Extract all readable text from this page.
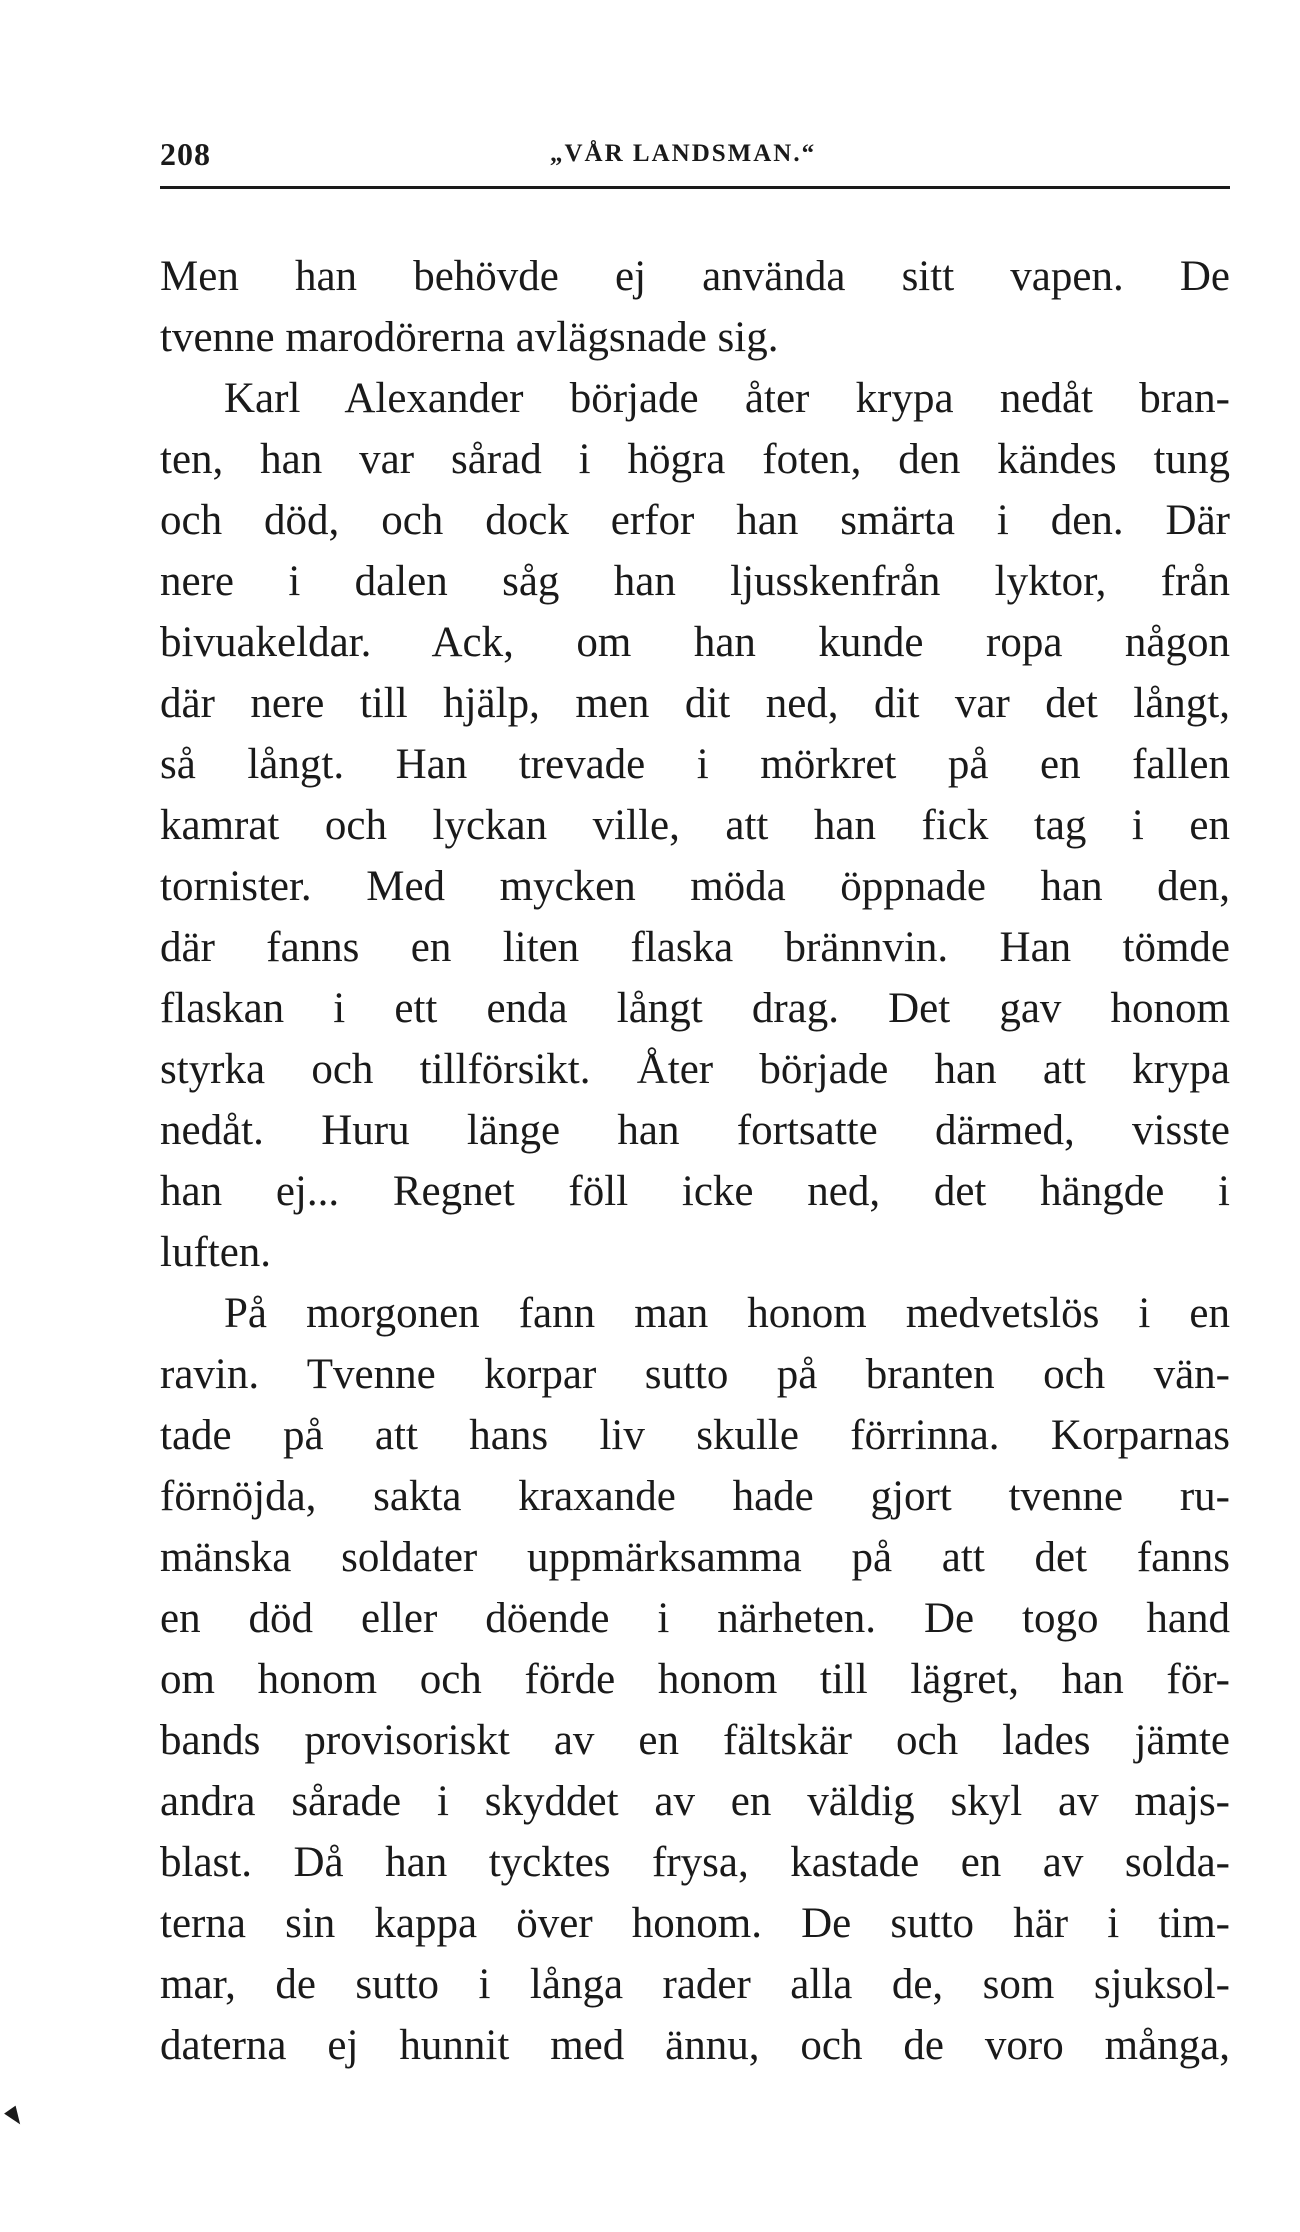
208	„VÅR LANDSMAN.“
Men han behövde ej använda sitt vapen. De
tvenne marodörerna avlägsnade sig.
Karl Alexander började åter krypa nedåt bran-
ten, han var sårad i högra foten, den kändes tung
och död, och dock erfor han smärta i den. Där
nere i dalen såg han ljusskenfrån lyktor, från
bivuakeldar. Ack, om han kunde ropa någon
där nere till hjälp, men dit ned, dit var det långt,
så långt. Han trevade i mörkret på en fallen
kamrat och lyckan ville, att han fick tag i en
tornister. Med mycken möda öppnade han den,
där fanns en liten flaska brännvin. Han tömde
flaskan i ett enda långt drag. Det gav honom
styrka och tillförsikt. Åter började han att krypa
nedåt. Huru länge han fortsatte därmed, visste
han ej... Regnet föll icke ned, det hängde i
luften.
På morgonen fann man honom medvetslös i en
ravin. Tvenne korpar sutto på branten och vän-
tade på att hans liv skulle förrinna. Korparnas
förnöjda, sakta kraxande hade gjort tvenne ru-
mänska soldater uppmärksamma på att det fanns
en död eller döende i närheten. De togo hand
om honom och förde honom till lägret, han för-
bands provisoriskt av en fältskär och lades jämte
andra sårade i skyddet av en väldig skyl av majs-
blast. Då han tycktes frysa, kastade en av solda-
terna sin kappa över honom. De sutto här i tim-
mar, de sutto i långa rader alla de, som sjuksol-
daterna ej hunnit med ännu, och de voro många,
